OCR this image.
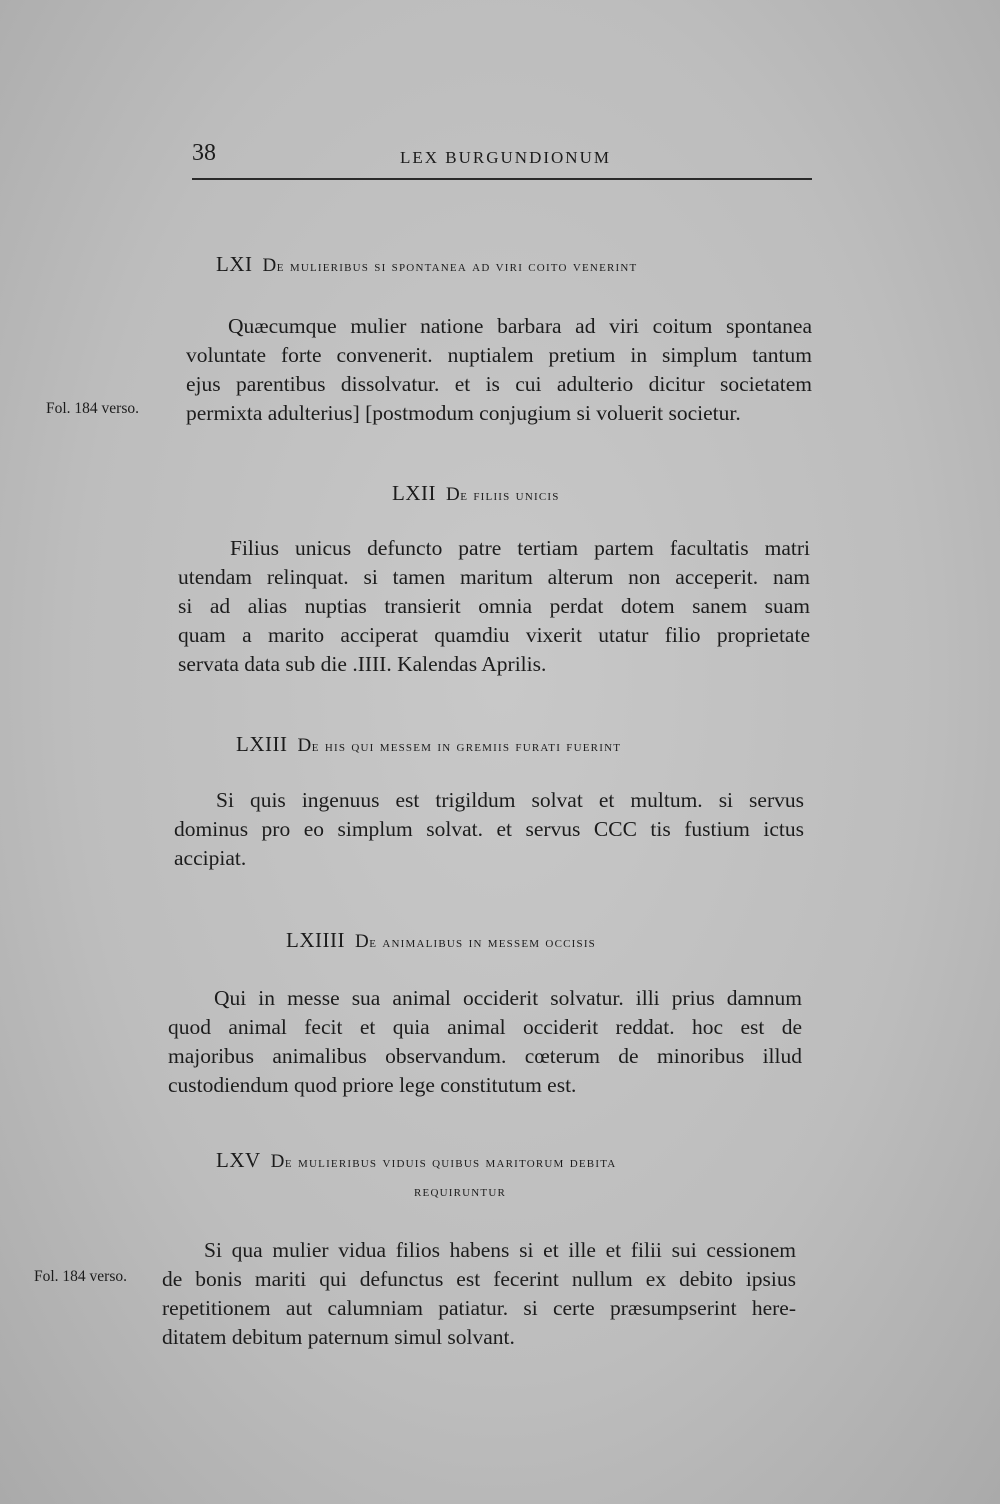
38	LEX BURGUNDIONUM
LXI De mulieribus si spontanea ad viri coito venerint
Quæcumque mulier natione barbara ad viri coitum spontanea
voluntate forte convenerit. nuptialem pretium in simplum tantum
ejus parentibus dissolvatur. et is cui adulterio dicitur societatem
permixta adulterius] [postmodum conjugium si voluerit societur.
Fol. 184 verso.
LXII De filiis unicis
Filius unicus defuncto patre tertiam partem facultatis matri
utendam relinquat. si tamen maritum alterum non acceperit. nam
si ad alias nuptias transierit omnia perdat dotem sanem suam
quam a marito acciperat quamdiu vixerit utatur filio proprietate
servata data sub die .IIII. Kalendas Aprilis.
LXIII De his qui messem in gremiis furati fuerint
Si quis ingenuus est trigildum solvat et multum. si servus
dominus pro eo simplum solvat. et servus CCC tis fustium ictus
accipiat.
LXIIII De animalibus in messem occisis
Qui in messe sua animal occiderit solvatur. illi prius damnum
quod animal fecit et quia animal occiderit reddat. hoc est de
majoribus animalibus observandum. cœterum de minoribus illud
custodiendum quod priore lege constitutum est.
LXV De mulieribus viduis quibus maritorum debita
requiruntur
Si qua mulier vidua filios habens si et ille et filii sui cessionem
de bonis mariti qui defunctus est fecerint nullum ex debito ipsius
repetitionem aut calumniam patiatur. si certe præsumpserint here-
ditatem debitum paternum simul solvant.
Fol. 184 verso.
